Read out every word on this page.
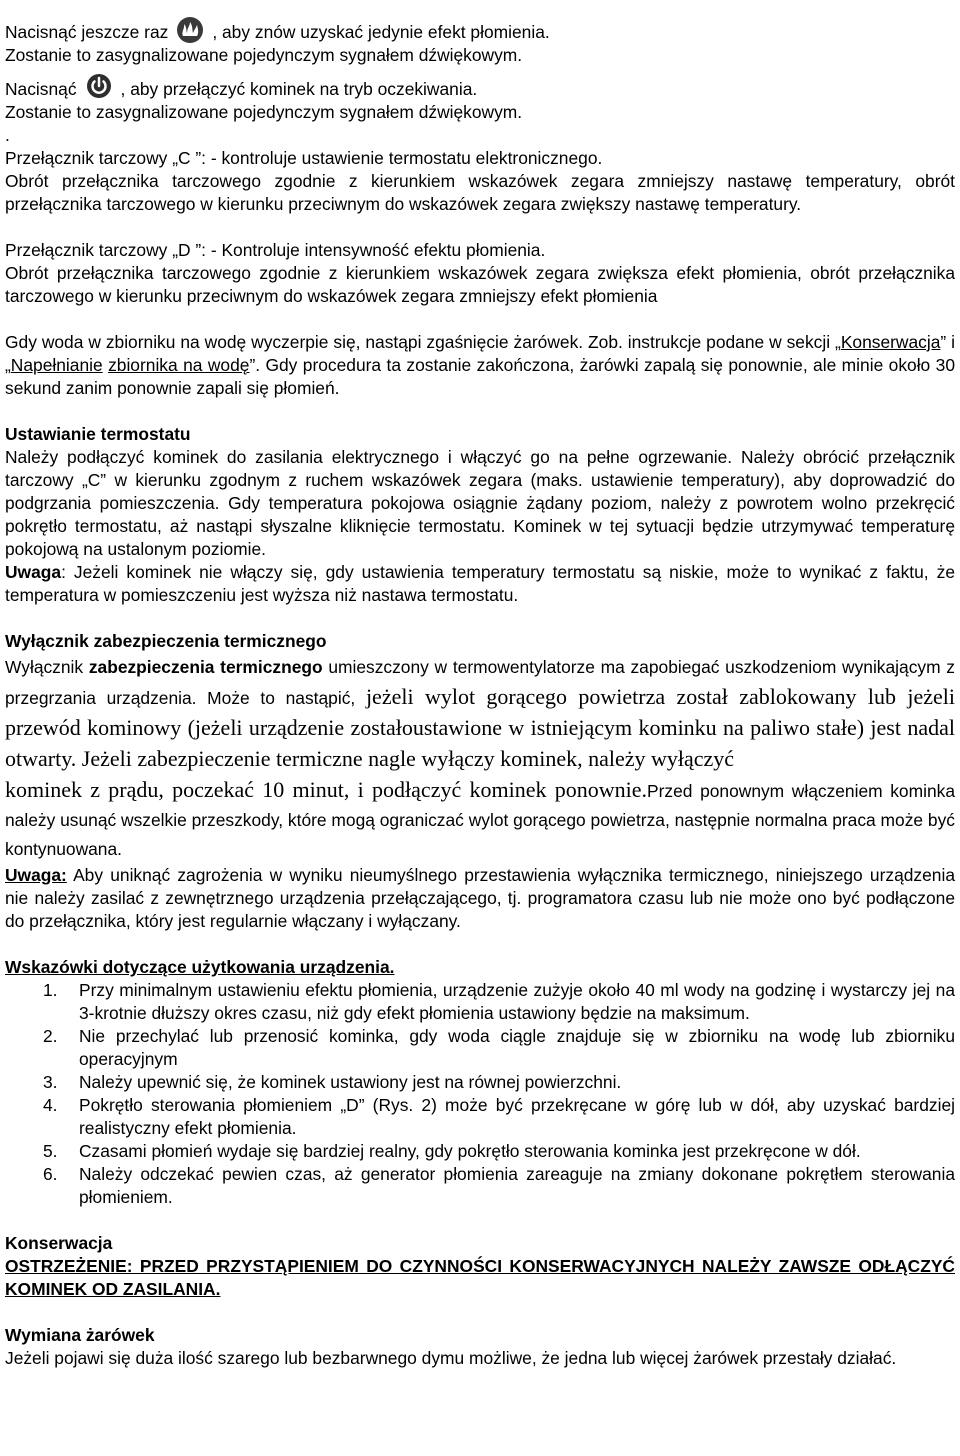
Nacisnąć jeszcze raz	, aby znów uzyskać jedynie efekt płomienia.

Zostanie to zasygnalizowane pojedynczym sygnałem dźwiękowym.

Nacisnąć	, aby przełączyć kominek na tryb oczekiwania.

Zostanie to zasygnalizowane pojedynczym sygnałem dźwiękowym.

.

Przełącznik tarczowy „C ”: - kontroluje ustawienie termostatu elektronicznego.

Obrót przełącznika tarczowego zgodnie z kierunkiem wskazówek zegara zmniejszy nastawę temperatury, obrót przełącznika tarczowego w kierunku przeciwnym do wskazówek zegara zwiększy nastawę temperatury.

Przełącznik tarczowy „D ”: - Kontroluje intensywność efektu płomienia.

Obrót przełącznika tarczowego zgodnie z kierunkiem wskazówek zegara zwiększa efekt płomienia, obrót przełącznika tarczowego w kierunku przeciwnym do wskazówek zegara zmniejszy efekt płomienia

Gdy woda w zbiorniku na wodę wyczerpie się, nastąpi zgaśnięcie żarówek. Zob. instrukcje podane w sekcji „Konserwacja” i „Napełnianie zbiornika na wodę”. Gdy procedura ta zostanie zakończona, żarówki zapalą się ponownie, ale minie około 30 sekund zanim ponownie zapali się płomień.

Ustawianie termostatu

Należy podłączyć kominek do zasilania elektrycznego i włączyć go na pełne ogrzewanie. Należy obrócić przełącznik tarczowy „C” w kierunku zgodnym z ruchem wskazówek zegara (maks. ustawienie temperatury), aby doprowadzić do podgrzania pomieszczenia. Gdy temperatura pokojowa osiągnie żądany poziom, należy z powrotem wolno przekręcić pokrętło termostatu, aż nastąpi słyszalne kliknięcie termostatu. Kominek w tej sytuacji będzie utrzymywać temperaturę pokojową na ustalonym poziomie.

Uwaga: Jeżeli kominek nie włączy się, gdy ustawienia temperatury termostatu są niskie, może to wynikać z faktu, że temperatura w pomieszczeniu jest wyższa niż nastawa termostatu.

Wyłącznik zabezpieczenia termicznego

Wyłącznik zabezpieczenia termicznego umieszczony w termowentylatorze ma zapobiegać uszkodzeniom wynikającym z przegrzania urządzenia. Może to nastąpić, jeżeli wylot gorącego powietrza został zablokowany lub jeżeli przewód kominowy (jeżeli urządzenie zostałoustawione w istniejącym kominku na paliwo stałe) jest nadal otwarty. Jeżeli zabezpieczenie termiczne nagle wyłączy kominek, należy wyłączyć

kominek z prądu, poczekać 10 minut, i podłączyć kominek ponownie.Przed ponownym włączeniem kominka należy usunąć wszelkie przeszkody, które mogą ograniczać wylot gorącego powietrza, następnie normalna praca może być kontynuowana.

Uwaga: Aby uniknąć zagrożenia w wyniku nieumyślnego przestawienia wyłącznika termicznego, niniejszego urządzenia nie należy zasilać z zewnętrznego urządzenia przełączającego, tj. programatora czasu lub nie może ono być podłączone do przełącznika, który jest regularnie włączany i wyłączany.

Wskazówki dotyczące użytkowania urządzenia.

1. Przy minimalnym ustawieniu efektu płomienia, urządzenie zużyje około 40 ml wody na godzinę i wystarczy jej na 3-krotnie dłuższy okres czasu, niż gdy efekt płomienia ustawiony będzie na maksimum.
2. Nie przechylać lub przenosić kominka, gdy woda ciągle znajduje się w zbiorniku na wodę lub zbiorniku operacyjnym
3. Należy upewnić się, że kominek ustawiony jest na równej powierzchni.
4. Pokrętło sterowania płomieniem „D” (Rys. 2) może być przekręcane w górę lub w dół, aby uzyskać bardziej realistyczny efekt płomienia.
5. Czasami płomień wydaje się bardziej realny, gdy pokrętło sterowania kominka jest przekręcone w dół.
6. Należy odczekać pewien czas, aż generator płomienia zareaguje na zmiany dokonane pokrętłem sterowania płomieniem.

Konserwacja

OSTRZEŻENIE: PRZED PRZYSTĄPIENIEM DO CZYNNOŚCI KONSERWACYJNYCH NALEŻY ZAWSZE ODŁĄCZYĆ KOMINEK OD ZASILANIA.

Wymiana żarówek

Jeżeli pojawi się duża ilość szarego lub bezbarwnego dymu możliwe, że jedna lub więcej żarówek przestały działać.
